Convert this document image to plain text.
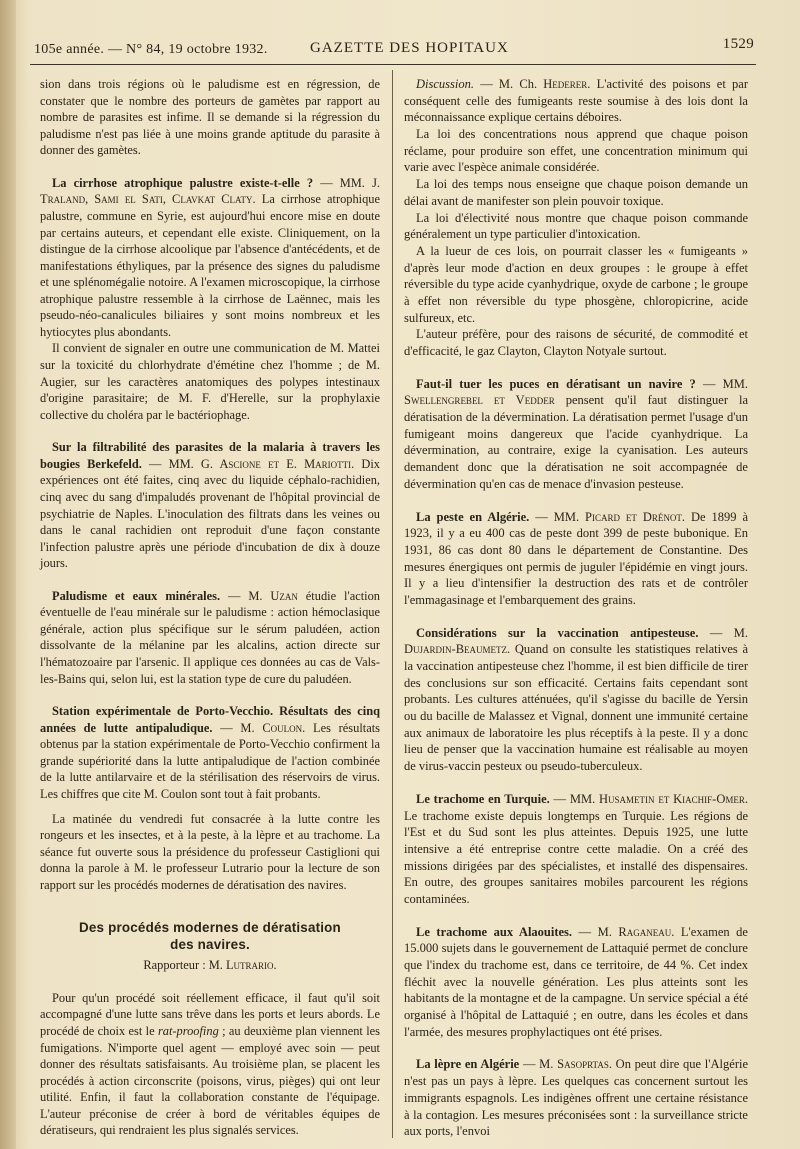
105e année. — N° 84, 19 octobre 1932.	GAZETTE DES HOPITAUX	1529

sion dans trois régions où le paludisme est en régression, de constater que le nombre des porteurs de gamètes par rapport au nombre de parasites est infime. Il se demande si la régression du paludisme n'est pas liée à une moins grande aptitude du parasite à donner des gamètes.

La cirrhose atrophique palustre existe-t-elle ? — MM. J. Traland, Sami el Sati, Clavkat Claty. La cirrhose atrophique palustre, commune en Syrie, est aujourd'hui encore mise en doute par certains auteurs, et cependant elle existe. Cliniquement, on la distingue de la cirrhose alcoolique par l'absence d'antécédents, et de manifestations éthyliques, par la présence des signes du paludisme et une splénomégalie notoire. A l'examen microscopique, la cirrhose atrophique palustre ressemble à la cirrhose de Laënnec, mais les pseudo-néo-canalicules biliaires y sont moins nombreux et les hytiocytes plus abondants.

Il convient de signaler en outre une communication de M. Mattei sur la toxicité du chlorhydrate d'émétine chez l'homme ; de M. Augier, sur les caractères anatomiques des polypes intestinaux d'origine parasitaire; de M. F. d'Herelle, sur la prophylaxie collective du choléra par le bactériophage.

Sur la filtrabilité des parasites de la malaria à travers les bougies Berkefeld. — MM. G. Ascione et E. Mariotti. Dix expériences ont été faites, cinq avec du liquide céphalo-rachidien, cinq avec du sang d'impaludés provenant de l'hôpital provincial de psychiatrie de Naples. L'inoculation des filtrats dans les veines ou dans le canal rachidien ont reproduit d'une façon constante l'infection palustre après une période d'incubation de dix à douze jours.

Paludisme et eaux minérales. — M. Uzan étudie l'action éventuelle de l'eau minérale sur le paludisme : action hémoclasique générale, action plus spécifique sur le sérum paludéen, action dissolvante de la mélanine par les alcalins, action directe sur l'hématozoaire par l'arsenic. Il applique ces données au cas de Vals-les-Bains qui, selon lui, est la station type de cure du paludéen.

Station expérimentale de Porto-Vecchio. Résultats des cinq années de lutte antipaludique. — M. Coulon. Les résultats obtenus par la station expérimentale de Porto-Vecchio confirment la grande supériorité dans la lutte antipaludique de l'action combinée de la lutte antilarvaire et de la stérilisation des réservoirs de virus. Les chiffres que cite M. Coulon sont tout à fait probants.

La matinée du vendredi fut consacrée à la lutte contre les rongeurs et les insectes, et à la peste, à la lèpre et au trachome. La séance fut ouverte sous la présidence du professeur Castiglioni qui donna la parole à M. le professeur Lutrario pour la lecture de son rapport sur les procédés modernes de dératisation des navires.

Des procédés modernes de dératisation
des navires.
Rapporteur : M. Lutrario.

Pour qu'un procédé soit réellement efficace, il faut qu'il soit accompagné d'une lutte sans trêve dans les ports et leurs abords. Le procédé de choix est le rat-proofing ; au deuxième plan viennent les fumigations. N'importe quel agent — employé avec soin — peut donner des résultats satisfaisants. Au troisième plan, se placent les procédés à action circonscrite (poisons, virus, pièges) qui ont leur utilité. Enfin, il faut la collaboration constante de l'équipage. L'auteur préconise de créer à bord de véritables équipes de dératiseurs, qui rendraient les plus signalés services.

Discussion. — M. Ch. Hederer. L'activité des poisons et par conséquent celle des fumigeants reste soumise à des lois dont la méconnaissance explique certains déboires.

La loi des concentrations nous apprend que chaque poison réclame, pour produire son effet, une concentration minimum qui varie avec l'espèce animale considérée.

La loi des temps nous enseigne que chaque poison demande un délai avant de manifester son plein pouvoir toxique.

La loi d'électivité nous montre que chaque poison commande généralement un type particulier d'intoxication.

A la lueur de ces lois, on pourrait classer les « fumigeants » d'après leur mode d'action en deux groupes : le groupe à effet réversible du type acide cyanhydrique, oxyde de carbone ; le groupe à effet non réversible du type phosgène, chloropicrine, acide sulfureux, etc.

L'auteur préfère, pour des raisons de sécurité, de commodité et d'efficacité, le gaz Clayton, Clayton Notyale surtout.

Faut-il tuer les puces en dératisant un navire ? — MM. Swellengrebel et Vedder pensent qu'il faut distinguer la dératisation de la dévermination. La dératisation permet l'usage d'un fumigeant moins dangereux que l'acide cyanhydrique. La dévermination, au contraire, exige la cyanisation. Les auteurs demandent donc que la dératisation ne soit accompagnée de dévermination qu'en cas de menace d'invasion pesteuse.

La peste en Algérie. — MM. Picard et Drénot. De 1899 à 1923, il y a eu 400 cas de peste dont 399 de peste bubonique. En 1931, 86 cas dont 80 dans le département de Constantine. Des mesures énergiques ont permis de juguler l'épidémie en vingt jours. Il y a lieu d'intensifier la destruction des rats et de contrôler l'emmagasinage et l'embarquement des grains.

Considérations sur la vaccination antipesteuse. — M. Dujardin-Beaumetz. Quand on consulte les statistiques relatives à la vaccination antipesteuse chez l'homme, il est bien difficile de tirer des conclusions sur son efficacité. Certains faits cependant sont probants. Les cultures atténuées, qu'il s'agisse du bacille de Yersin ou du bacille de Malassez et Vignal, donnent une immunité certaine aux animaux de laboratoire les plus réceptifs à la peste. Il y a donc lieu de penser que la vaccination humaine est réalisable au moyen de virus-vaccin pesteux ou pseudo-tuberculeux.

Le trachome en Turquie. — MM. Husametin et Kiachif-Omer. Le trachome existe depuis longtemps en Turquie. Les régions de l'Est et du Sud sont les plus atteintes. Depuis 1925, une lutte intensive a été entreprise contre cette maladie. On a créé des missions dirigées par des spécialistes, et installé des dispensaires. En outre, des groupes sanitaires mobiles parcourent les régions contaminées.

Le trachome aux Alaouites. — M. Raganeau. L'examen de 15.000 sujets dans le gouvernement de Lattaquié permet de conclure que l'index du trachome est, dans ce territoire, de 44 %. Cet index fléchit avec la nouvelle génération. Les plus atteints sont les habitants de la montagne et de la campagne. Un service spécial a été organisé à l'hôpital de Lattaquié ; en outre, dans les écoles et dans l'armée, des mesures prophylactiques ont été prises.

La lèpre en Algérie — M. Sasoprtas. On peut dire que l'Algérie n'est pas un pays à lèpre. Les quelques cas concernent surtout les immigrants espagnols. Les indigènes offrent une certaine résistance à la contagion. Les mesures préconisées sont : la surveillance stricte aux ports, l'envoi
